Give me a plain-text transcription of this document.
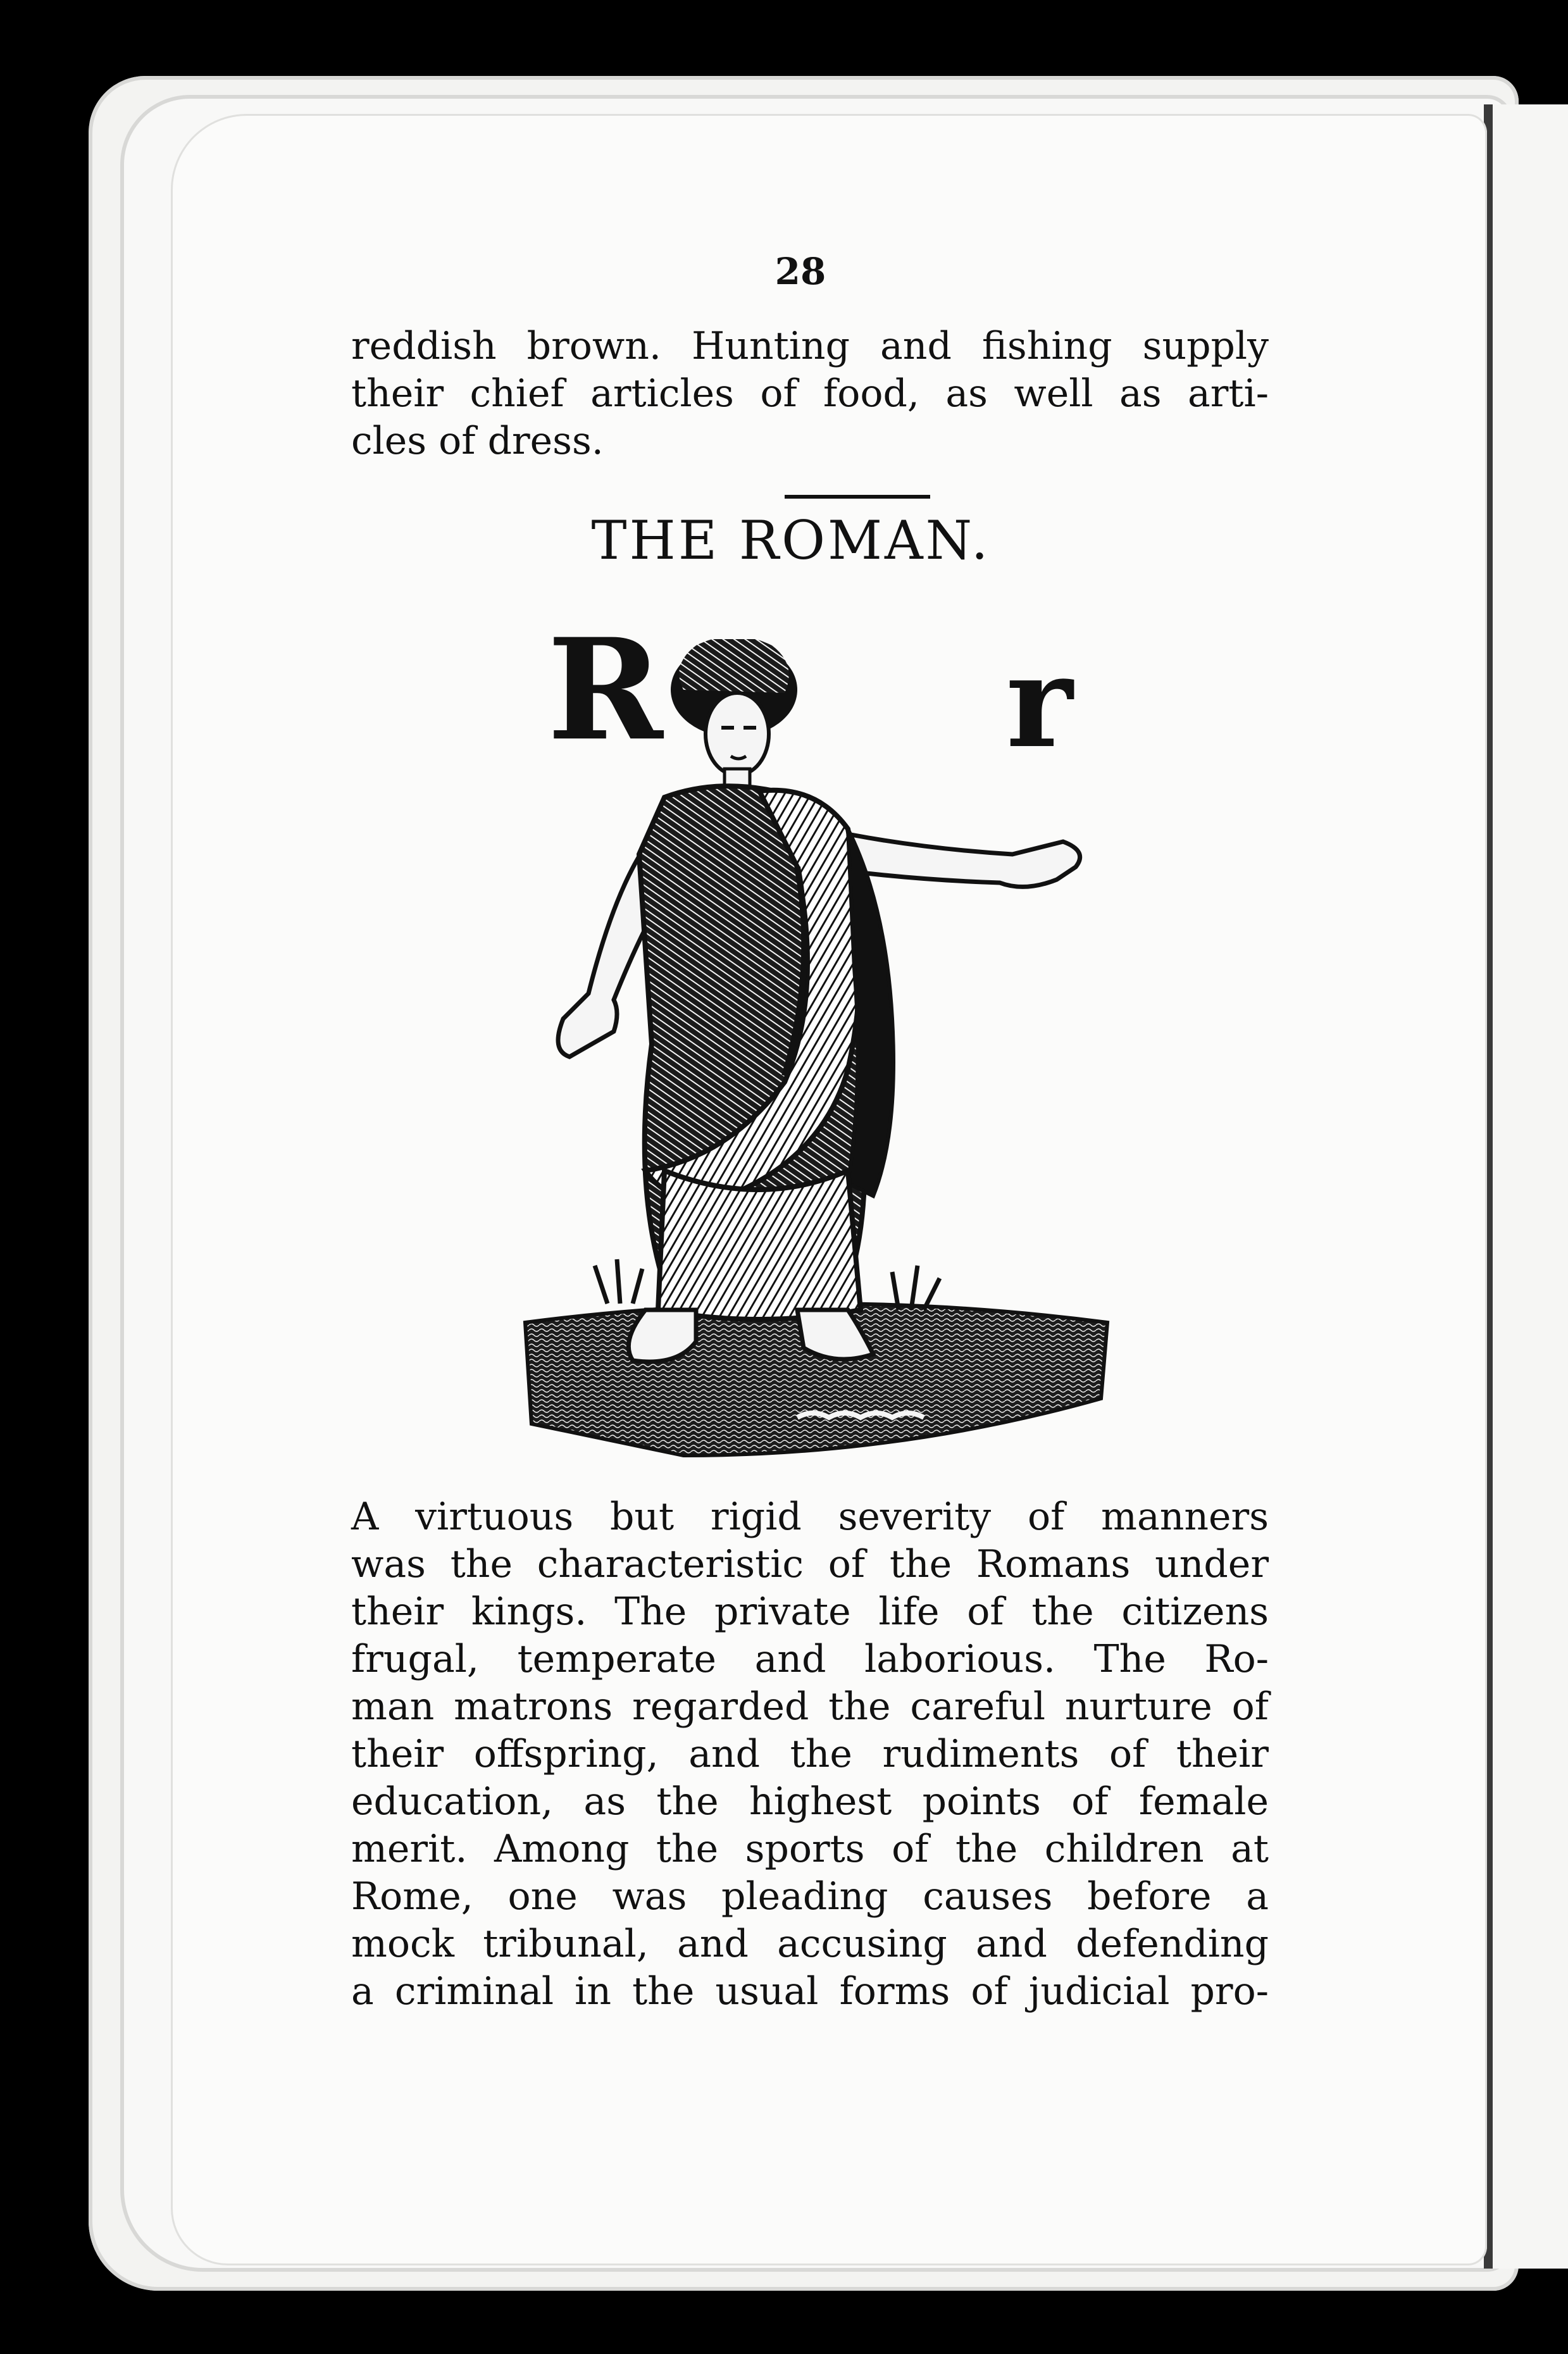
28
reddish brown. Hunting and fishing supply
their chief articles of food, as well as arti-
cles of dress.
THE ROMAN.
R	r
A virtuous but rigid severity of manners
was the characteristic of the Romans under
their kings. The private life of the citizens
frugal, temperate and laborious. The Ro-
man matrons regarded the careful nurture of
their offspring, and the rudiments of their
education, as the highest points of female
merit. Among the sports of the children at
Rome, one was pleading causes before a
mock tribunal, and accusing and defending
a criminal in the usual forms of judicial pro-
